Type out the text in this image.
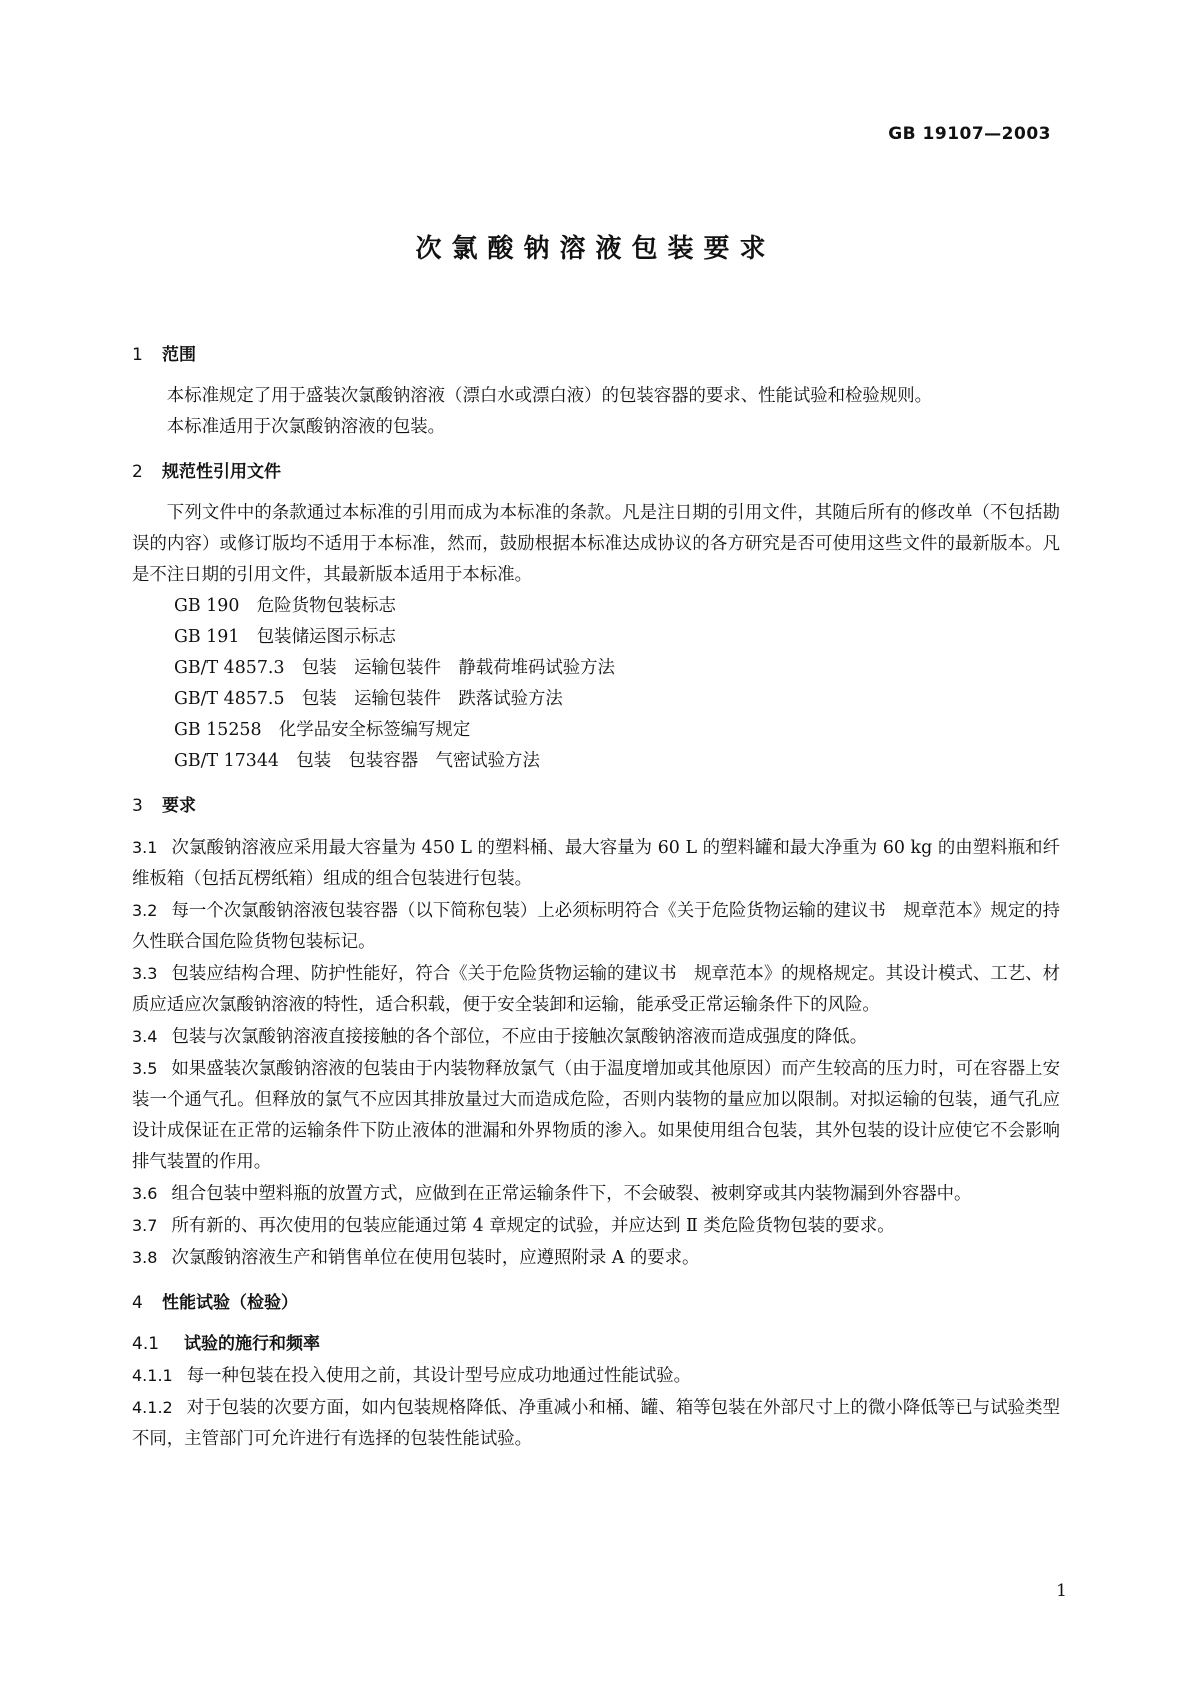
GB 19107—2003
次氯酸钠溶液包装要求
1	范围
本标准规定了用于盛装次氯酸钠溶液（漂白水或漂白液）的包装容器的要求、性能试验和检验规则。
本标准适用于次氯酸钠溶液的包装。
2	规范性引用文件
下列文件中的条款通过本标准的引用而成为本标准的条款。凡是注日期的引用文件，其随后所有的修改单（不包括勘误的内容）或修订版均不适用于本标准，然而，鼓励根据本标准达成协议的各方研究是否可使用这些文件的最新版本。凡是不注日期的引用文件，其最新版本适用于本标准。
GB 190　危险货物包装标志
GB 191　包装储运图示标志
GB/T 4857.3　包装　运输包装件　静载荷堆码试验方法
GB/T 4857.5　包装　运输包装件　跌落试验方法
GB 15258　化学品安全标签编写规定
GB/T 17344　包装　包装容器　气密试验方法
3	要求
3.1 次氯酸钠溶液应采用最大容量为 450 L 的塑料桶、最大容量为 60 L 的塑料罐和最大净重为 60 kg 的由塑料瓶和纤维板箱（包括瓦楞纸箱）组成的组合包装进行包装。
3.2 每一个次氯酸钠溶液包装容器（以下简称包装）上必须标明符合《关于危险货物运输的建议书　规章范本》规定的持久性联合国危险货物包装标记。
3.3 包装应结构合理、防护性能好，符合《关于危险货物运输的建议书　规章范本》的规格规定。其设计模式、工艺、材质应适应次氯酸钠溶液的特性，适合积载，便于安全装卸和运输，能承受正常运输条件下的风险。
3.4 包装与次氯酸钠溶液直接接触的各个部位，不应由于接触次氯酸钠溶液而造成强度的降低。
3.5 如果盛装次氯酸钠溶液的包装由于内装物释放氯气（由于温度增加或其他原因）而产生较高的压力时，可在容器上安装一个通气孔。但释放的氯气不应因其排放量过大而造成危险，否则内装物的量应加以限制。对拟运输的包装，通气孔应设计成保证在正常的运输条件下防止液体的泄漏和外界物质的渗入。如果使用组合包装，其外包装的设计应使它不会影响排气装置的作用。
3.6 组合包装中塑料瓶的放置方式，应做到在正常运输条件下，不会破裂、被刺穿或其内装物漏到外容器中。
3.7 所有新的、再次使用的包装应能通过第 4 章规定的试验，并应达到 Ⅱ 类危险货物包装的要求。
3.8 次氯酸钠溶液生产和销售单位在使用包装时，应遵照附录 A 的要求。
4	性能试验（检验）
4.1	试验的施行和频率
4.1.1 每一种包装在投入使用之前，其设计型号应成功地通过性能试验。
4.1.2 对于包装的次要方面，如内包装规格降低、净重减小和桶、罐、箱等包装在外部尺寸上的微小降低等已与试验类型不同，主管部门可允许进行有选择的包装性能试验。
1
